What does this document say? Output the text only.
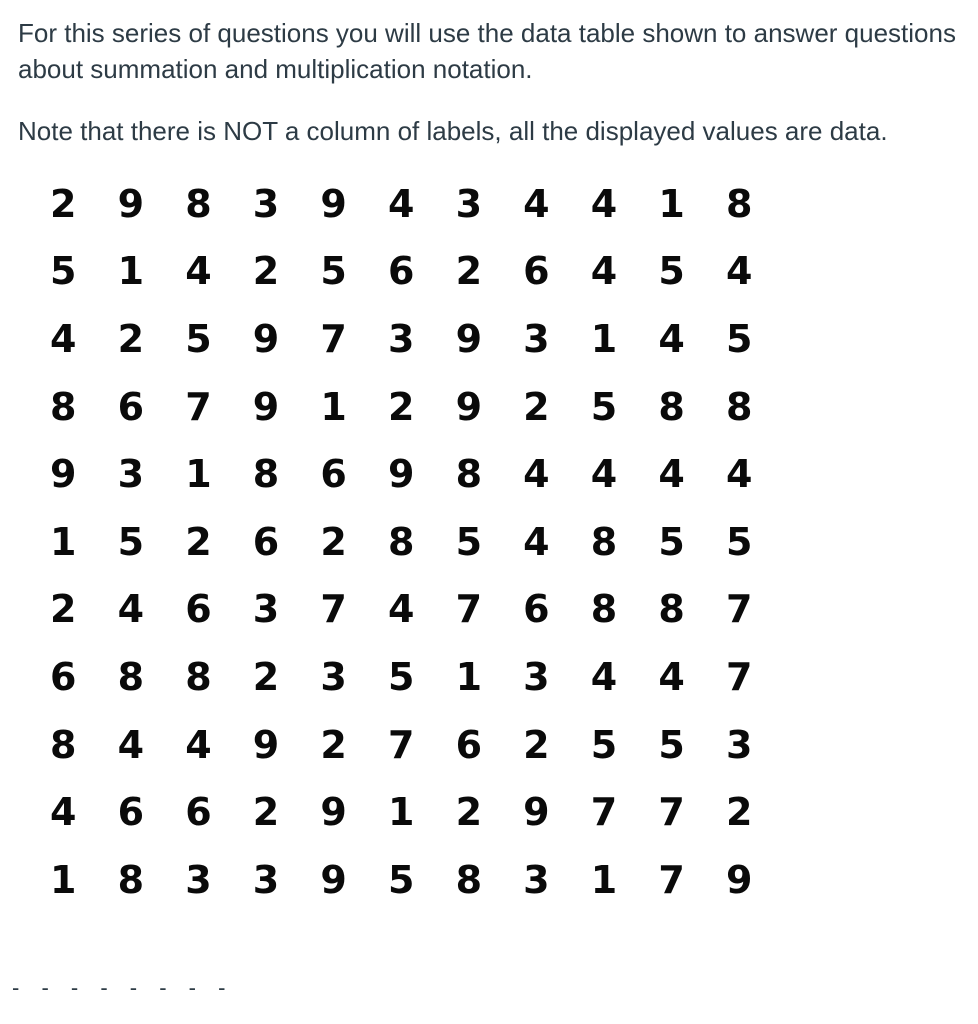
For this series of questions you will use the data table shown to answer questions about summation and multiplication notation.

Note that there is NOT a column of labels, all the displayed values are data.

2	9	8	3	9	4	3	4	4	1	8
5	1	4	2	5	6	2	6	4	5	4
4	2	5	9	7	3	9	3	1	4	5
8	6	7	9	1	2	9	2	5	8	8
9	3	1	8	6	9	8	4	4	4	4
1	5	2	6	2	8	5	4	8	5	5
2	4	6	3	7	4	7	6	8	8	7
6	8	8	2	3	5	1	3	4	4	7
8	4	4	9	2	7	6	2	5	5	3
4	6	6	2	9	1	2	9	7	7	2
1	8	3	3	9	5	8	3	1	7	9
- - - - - - - -
